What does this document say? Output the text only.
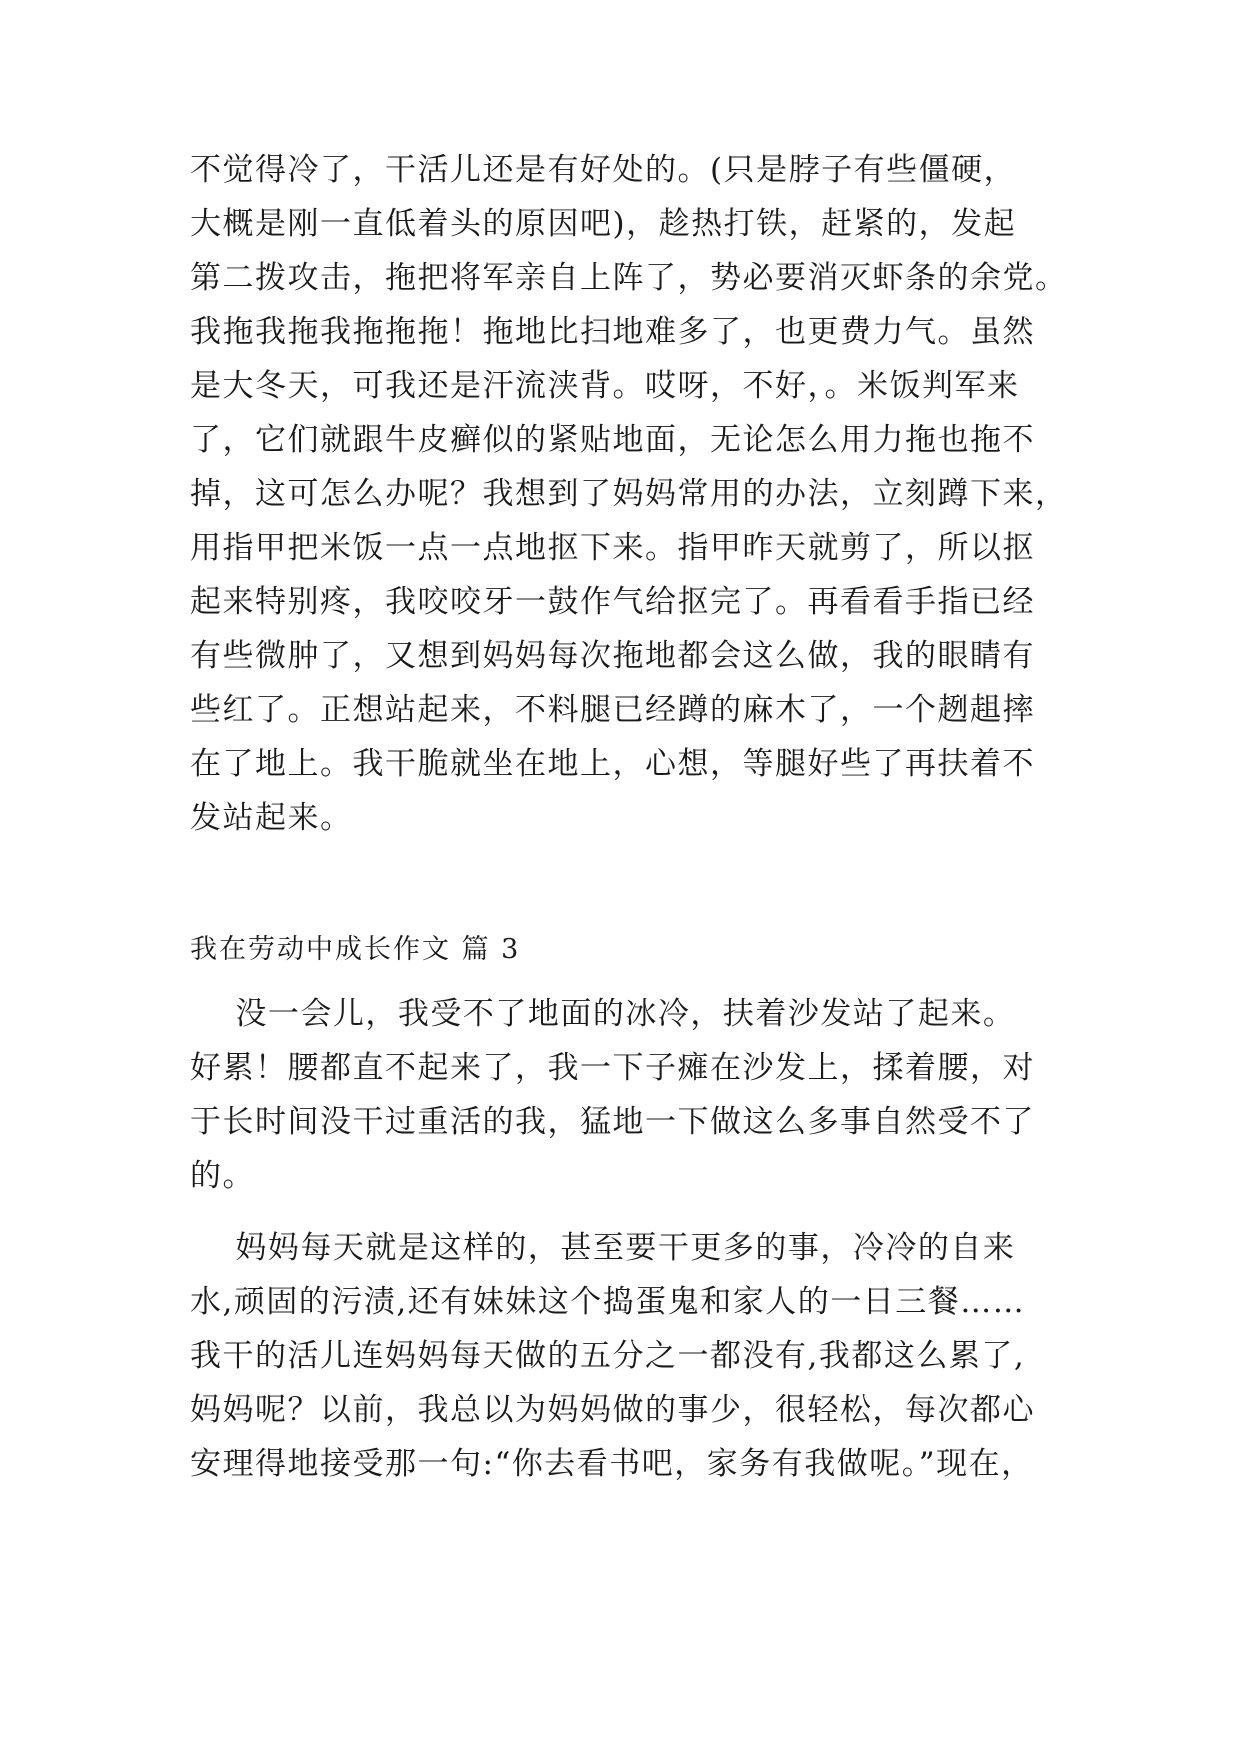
不觉得冷了，干活儿还是有好处的。(只是脖子有些僵硬，
大概是刚一直低着头的原因吧)，趁热打铁，赶紧的，发起
第二拨攻击，拖把将军亲自上阵了，势必要消灭虾条的余党。
我拖我拖我拖拖拖！拖地比扫地难多了，也更费力气。虽然
是大冬天，可我还是汗流浃背。哎呀，不好，。米饭判军来
了，它们就跟牛皮癣似的紧贴地面，无论怎么用力拖也拖不
掉，这可怎么办呢？我想到了妈妈常用的办法，立刻蹲下来，
用指甲把米饭一点一点地抠下来。指甲昨天就剪了，所以抠
起来特别疼，我咬咬牙一鼓作气给抠完了。再看看手指已经
有些微肿了，又想到妈妈每次拖地都会这么做，我的眼睛有
些红了。正想站起来，不料腿已经蹲的麻木了，一个趔趄摔
在了地上。我干脆就坐在地上，心想，等腿好些了再扶着不
发站起来。
我在劳动中成长作文 篇 3
没一会儿，我受不了地面的冰冷，扶着沙发站了起来。
好累！腰都直不起来了，我一下子瘫在沙发上，揉着腰，对
于长时间没干过重活的我，猛地一下做这么多事自然受不了
的。
妈妈每天就是这样的，甚至要干更多的事，冷冷的自来
水,顽固的污渍,还有妹妹这个捣蛋鬼和家人的一日三餐……
我干的活儿连妈妈每天做的五分之一都没有,我都这么累了,
妈妈呢？以前，我总以为妈妈做的事少，很轻松，每次都心
安理得地接受那一句:“你去看书吧，家务有我做呢。”现在，
